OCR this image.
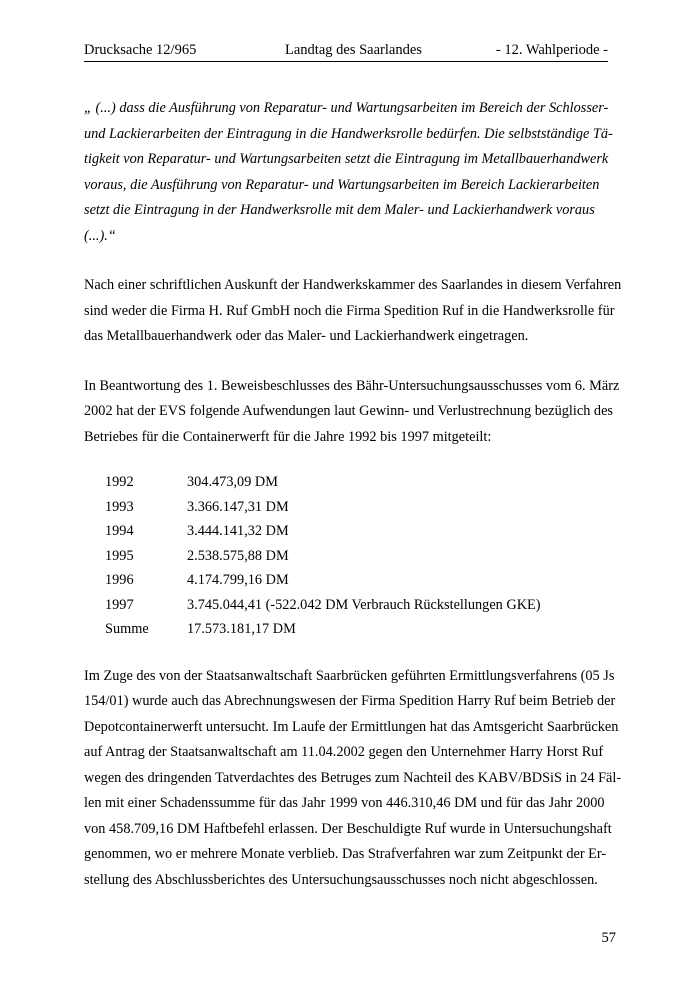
Drucksache 12/965	Landtag des Saarlandes	- 12. Wahlperiode -

„ (...) dass die Ausführung von Reparatur- und Wartungsarbeiten im Bereich der Schlosser-

und Lackierarbeiten der Eintragung in die Handwerksrolle bedürfen. Die selbstständige Tä-

tigkeit von Reparatur- und Wartungsarbeiten setzt die Eintragung im Metallbauerhandwerk

voraus, die Ausführung von Reparatur- und Wartungsarbeiten im Bereich Lackierarbeiten

setzt die Eintragung in der Handwerksrolle mit dem Maler- und Lackierhandwerk voraus

(...).“

Nach einer schriftlichen Auskunft der Handwerkskammer des Saarlandes in diesem Verfahren

sind weder die Firma H. Ruf GmbH noch die Firma Spedition Ruf in die Handwerksrolle für

das Metallbauerhandwerk oder das Maler- und Lackierhandwerk eingetragen.

In Beantwortung des 1. Beweisbeschlusses des Bähr-Untersuchungsausschusses vom 6. März

2002 hat der EVS folgende Aufwendungen laut Gewinn- und Verlustrechnung bezüglich des

Betriebes für die Containerwerft für die Jahre 1992 bis 1997 mitgeteilt:

1992	304.473,09 DM
1993	3.366.147,31 DM
1994	3.444.141,32 DM
1995	2.538.575,88 DM
1996	4.174.799,16 DM
1997	3.745.044,41 (-522.042 DM Verbrauch Rückstellungen GKE)
Summe	17.573.181,17 DM

Im Zuge des von der Staatsanwaltschaft Saarbrücken geführten Ermittlungsverfahrens (05 Js

154/01) wurde auch das Abrechnungswesen der Firma Spedition Harry Ruf beim Betrieb der

Depotcontainerwerft untersucht. Im Laufe der Ermittlungen hat das Amtsgericht Saarbrücken

auf Antrag der Staatsanwaltschaft am 11.04.2002 gegen den Unternehmer Harry Horst Ruf

wegen des dringenden Tatverdachtes des Betruges zum Nachteil des KABV/BDSiS in 24 Fäl-

len mit einer Schadenssumme für das Jahr 1999 von 446.310,46 DM und für das Jahr 2000

von 458.709,16 DM Haftbefehl erlassen. Der Beschuldigte Ruf wurde in Untersuchungshaft

genommen, wo er mehrere Monate verblieb. Das Strafverfahren war zum Zeitpunkt der Er-

stellung des Abschlussberichtes des Untersuchungsausschusses noch nicht abgeschlossen.

57
